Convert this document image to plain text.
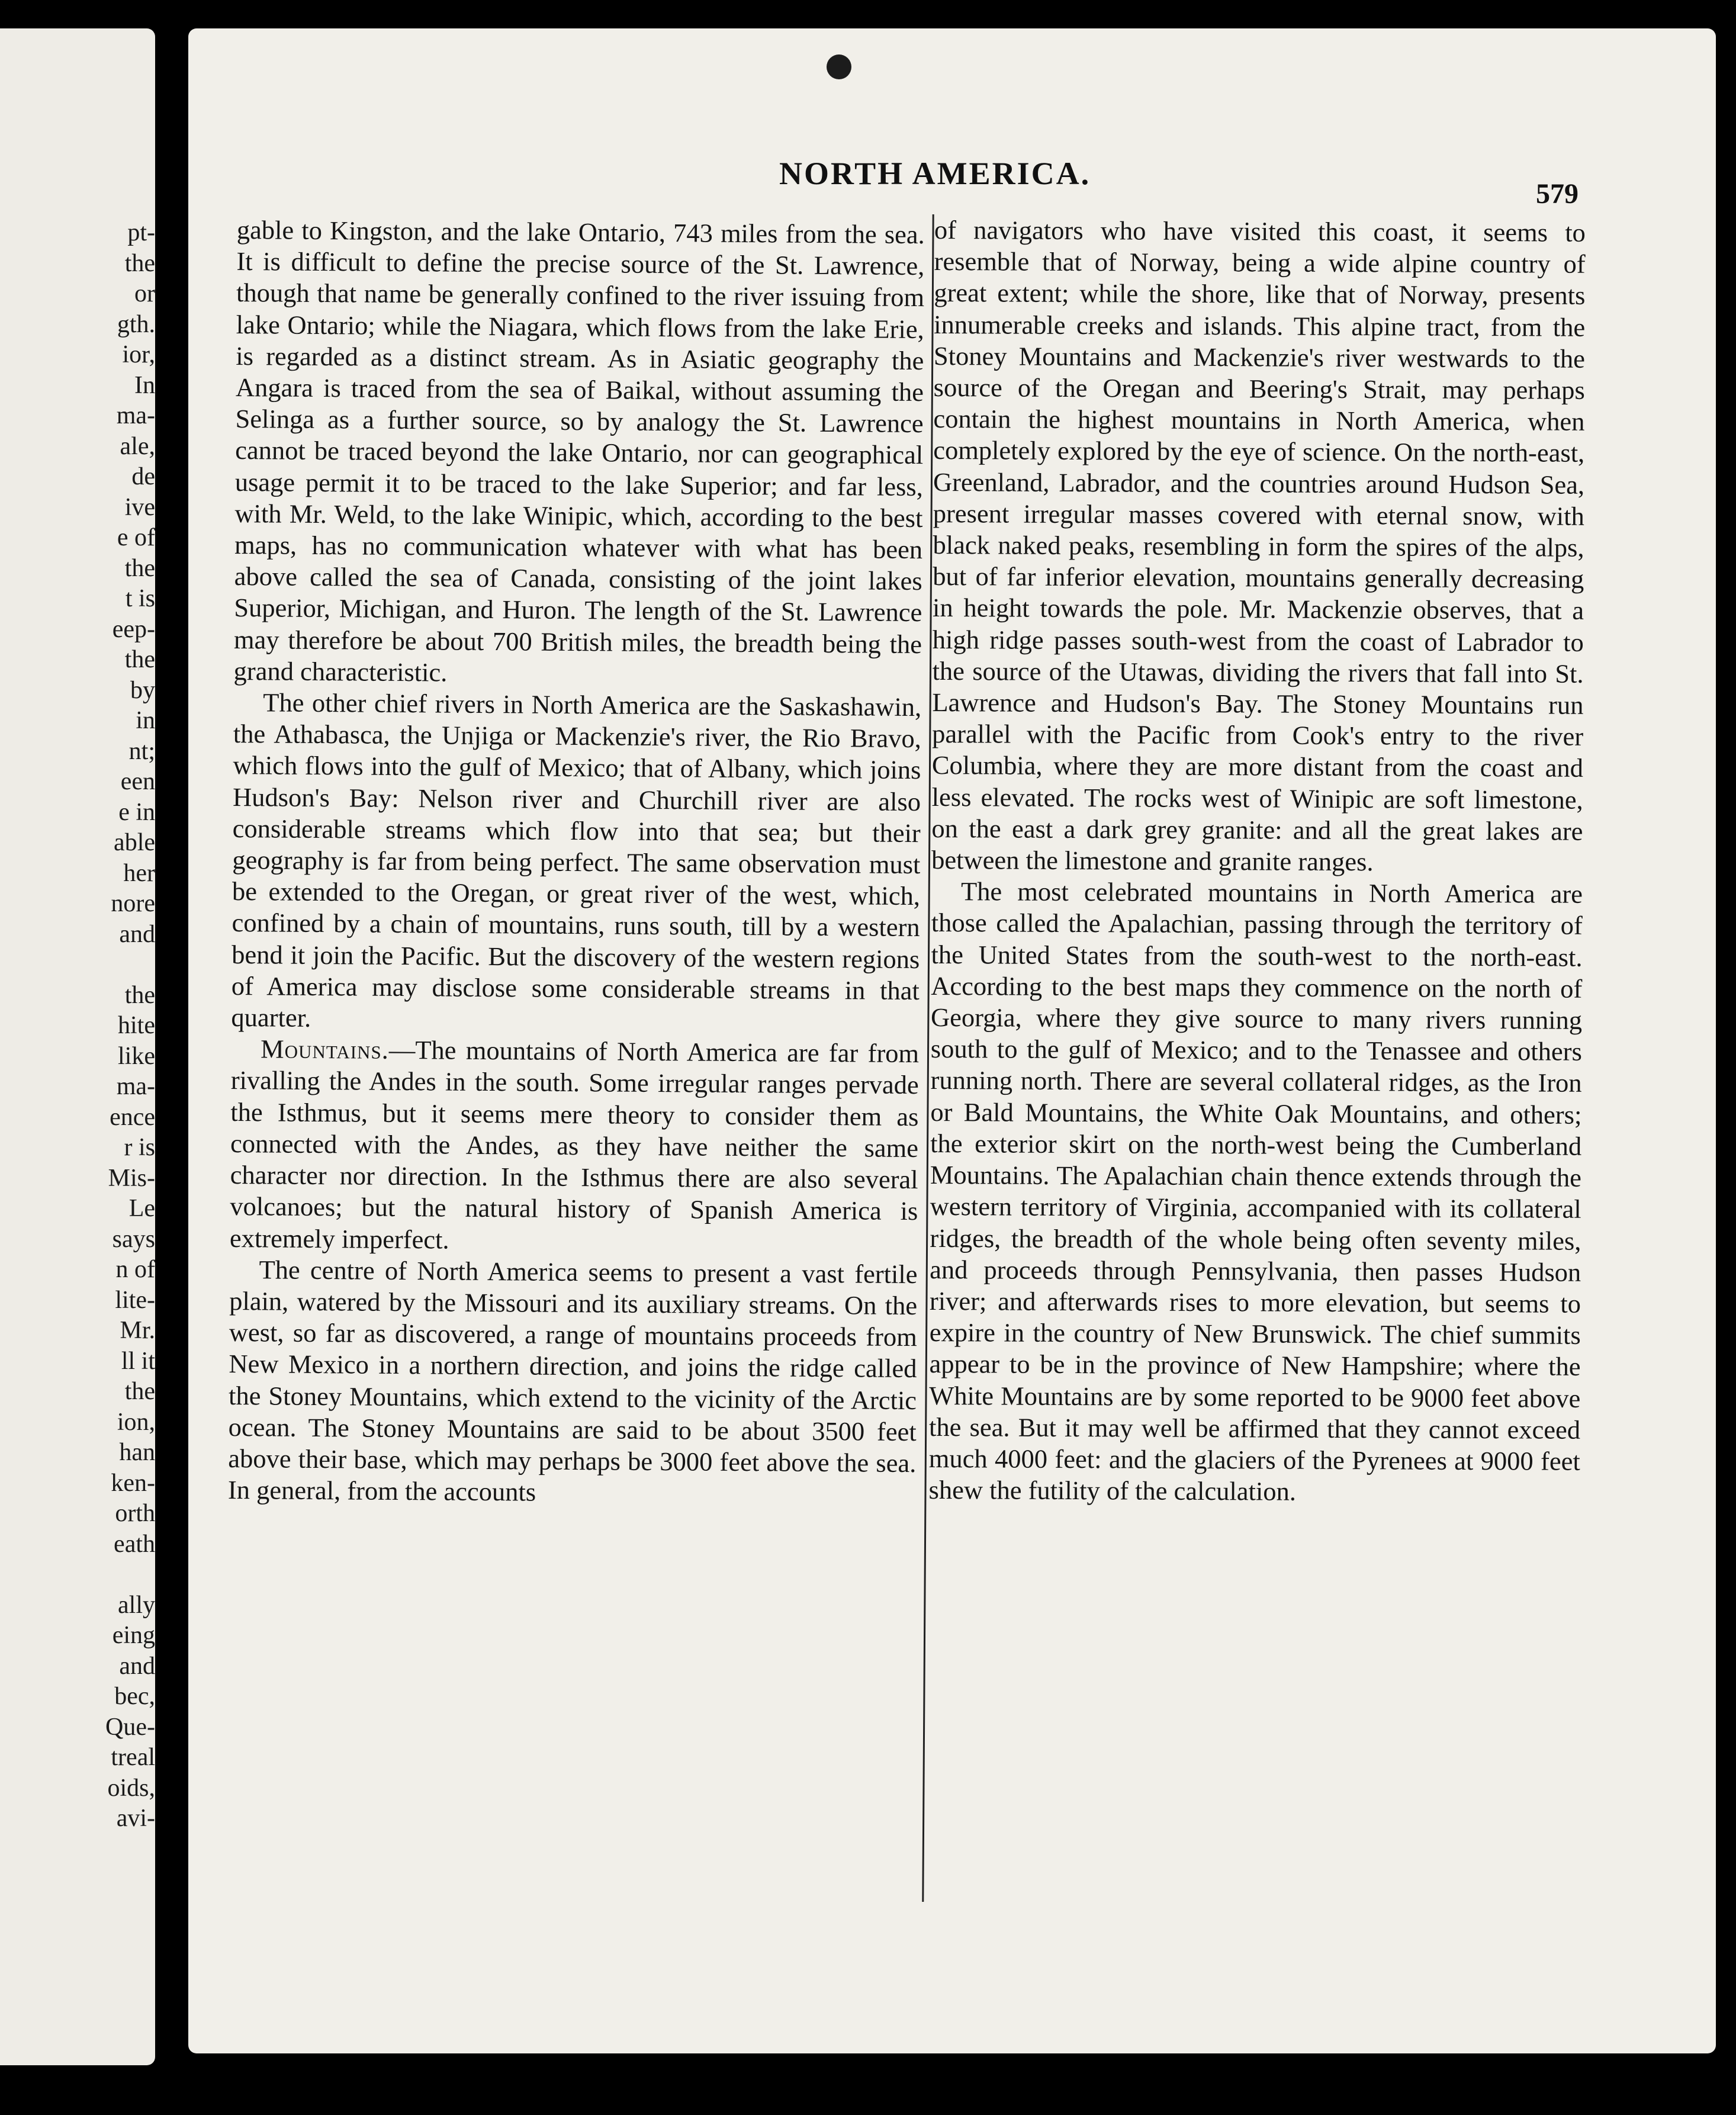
pt-
the
or
gth.
ior,
In
ma-
ale,
de
ive
e of
the
t is
eep-
the
by
in
nt;
een
e in
able
her
nore
and
the
hite
like
ma-
ence
r is
Mis-
Le
says
n of
lite-
Mr.
ll it
the
ion,
han
ken-
orth
eath
ally
eing
and
bec,
Que-
treal
oids,
avi-
NORTH AMERICA.
579

gable to Kingston, and the lake Ontario, 743 miles from the sea. It is difficult to define the precise source of the St. Lawrence, though that name be generally confined to the river issuing from lake Ontario; while the Niagara, which flows from the lake Erie, is regarded as a distinct stream. As in Asiatic geography the Angara is traced from the sea of Baikal, without assuming the Selinga as a further source, so by analogy the St. Lawrence cannot be traced beyond the lake Ontario, nor can geographical usage permit it to be traced to the lake Superior; and far less, with Mr. Weld, to the lake Winipic, which, according to the best maps, has no communication whatever with what has been above called the sea of Canada, consisting of the joint lakes Superior, Michigan, and Huron. The length of the St. Lawrence may therefore be about 700 British miles, the breadth being the grand characteristic.

The other chief rivers in North America are the Saskashawin, the Athabasca, the Unjiga or Mackenzie's river, the Rio Bravo, which flows into the gulf of Mexico; that of Albany, which joins Hudson's Bay: Nelson river and Churchill river are also considerable streams which flow into that sea; but their geography is far from being perfect. The same observation must be extended to the Oregan, or great river of the west, which, confined by a chain of mountains, runs south, till by a western bend it join the Pacific. But the discovery of the western regions of America may disclose some considerable streams in that quarter.

Mountains.—The mountains of North America are far from rivalling the Andes in the south. Some irregular ranges pervade the Isthmus, but it seems mere theory to consider them as connected with the Andes, as they have neither the same character nor direction. In the Isthmus there are also several volcanoes; but the natural history of Spanish America is extremely imperfect.

The centre of North America seems to present a vast fertile plain, watered by the Missouri and its auxiliary streams. On the west, so far as discovered, a range of mountains proceeds from New Mexico in a northern direction, and joins the ridge called the Stoney Mountains, which extend to the vicinity of the Arctic ocean. The Stoney Mountains are said to be about 3500 feet above their base, which may perhaps be 3000 feet above the sea. In general, from the accounts

of navigators who have visited this coast, it seems to resemble that of Norway, being a wide alpine country of great extent; while the shore, like that of Norway, presents innumerable creeks and islands. This alpine tract, from the Stoney Mountains and Mackenzie's river westwards to the source of the Oregan and Beering's Strait, may perhaps contain the highest mountains in North America, when completely explored by the eye of science. On the north-east, Greenland, Labrador, and the countries around Hudson Sea, present irregular masses covered with eternal snow, with black naked peaks, resembling in form the spires of the alps, but of far inferior elevation, mountains generally decreasing in height towards the pole. Mr. Mackenzie observes, that a high ridge passes south-west from the coast of Labrador to the source of the Utawas, dividing the rivers that fall into St. Lawrence and Hudson's Bay. The Stoney Mountains run parallel with the Pacific from Cook's entry to the river Columbia, where they are more distant from the coast and less elevated. The rocks west of Winipic are soft limestone, on the east a dark grey granite: and all the great lakes are between the limestone and granite ranges.

The most celebrated mountains in North America are those called the Apalachian, passing through the territory of the United States from the south-west to the north-east. According to the best maps they commence on the north of Georgia, where they give source to many rivers running south to the gulf of Mexico; and to the Tenassee and others running north. There are several collateral ridges, as the Iron or Bald Mountains, the White Oak Mountains, and others; the exterior skirt on the north-west being the Cumberland Mountains. The Apalachian chain thence extends through the western territory of Virginia, accompanied with its collateral ridges, the breadth of the whole being often seventy miles, and proceeds through Pennsylvania, then passes Hudson river; and afterwards rises to more elevation, but seems to expire in the country of New Brunswick. The chief summits appear to be in the province of New Hampshire; where the White Mountains are by some reported to be 9000 feet above the sea. But it may well be affirmed that they cannot exceed much 4000 feet: and the glaciers of the Pyrenees at 9000 feet shew the futility of the calculation.
